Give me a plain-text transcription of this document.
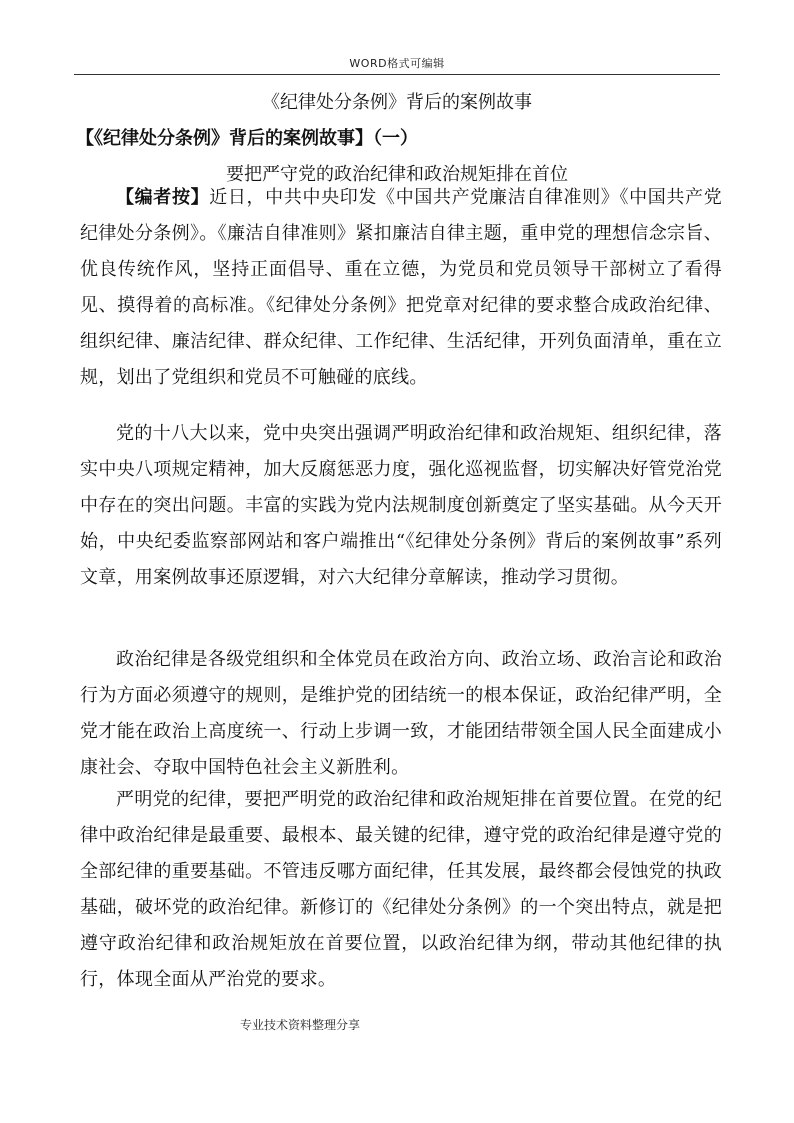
WORD格式可编辑
《纪律处分条例》背后的案例故事
【《纪律处分条例》背后的案例故事】（一）
要把严守党的政治纪律和政治规矩排在首位

【编者按】近日，中共中央印发《中国共产党廉洁自律准则》《中国共产党纪律处分条例》。《廉洁自律准则》紧扣廉洁自律主题，重申党的理想信念宗旨、优良传统作风，坚持正面倡导、重在立德，为党员和党员领导干部树立了看得见、摸得着的高标准。《纪律处分条例》把党章对纪律的要求整合成政治纪律、组织纪律、廉洁纪律、群众纪律、工作纪律、生活纪律，开列负面清单，重在立规，划出了党组织和党员不可触碰的底线。

党的十八大以来，党中央突出强调严明政治纪律和政治规矩、组织纪律，落实中央八项规定精神，加大反腐惩恶力度，强化巡视监督，切实解决好管党治党中存在的突出问题。丰富的实践为党内法规制度创新奠定了坚实基础。从今天开始，中央纪委监察部网站和客户端推出“《纪律处分条例》背后的案例故事”系列文章，用案例故事还原逻辑，对六大纪律分章解读，推动学习贯彻。

政治纪律是各级党组织和全体党员在政治方向、政治立场、政治言论和政治行为方面必须遵守的规则，是维护党的团结统一的根本保证，政治纪律严明，全党才能在政治上高度统一、行动上步调一致，才能团结带领全国人民全面建成小康社会、夺取中国特色社会主义新胜利。

严明党的纪律，要把严明党的政治纪律和政治规矩排在首要位置。在党的纪律中政治纪律是最重要、最根本、最关键的纪律，遵守党的政治纪律是遵守党的全部纪律的重要基础。不管违反哪方面纪律，任其发展，最终都会侵蚀党的执政基础，破坏党的政治纪律。新修订的《纪律处分条例》的一个突出特点，就是把遵守政治纪律和政治规矩放在首要位置，以政治纪律为纲，带动其他纪律的执行，体现全面从严治党的要求。

专业技术资料整理分享
